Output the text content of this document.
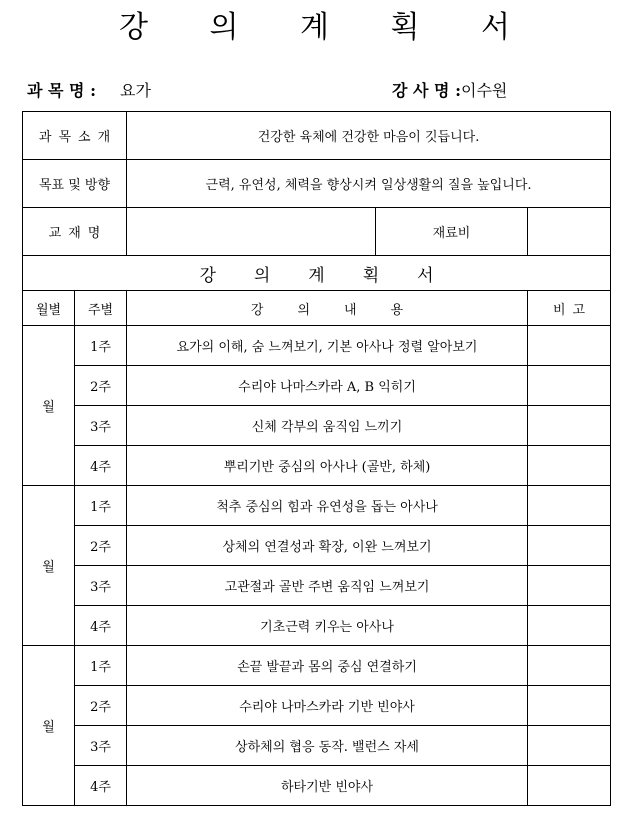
강 의 계 획 서
과 목 명 : 요가	강 사 명 :이수원
과목소개		건강한 육체에 건강한 마음이 깃듭니다.		
목표 및 방향		근력, 유연성, 체력을 향상시켜 일상생활의 질을 높입니다.		
교재명			재료비	
강의계획서				
월별	주별	강의내용		비고
월	1주	요가의 이해, 숨 느껴보기, 기본 아사나 정렬 알아보기		
	2주	수리야 나마스카라 A, B 익히기		
	3주	신체 각부의 움직임 느끼기		
	4주	뿌리기반 중심의 아사나 (골반, 하체)		
월	1주	척추 중심의 힘과 유연성을 돕는 아사나		
	2주	상체의 연결성과 확장, 이완 느껴보기		
	3주	고관절과 골반 주변 움직임 느껴보기		
	4주	기초근력 키우는 아사나		
월	1주	손끝 발끝과 몸의 중심 연결하기		
	2주	수리야 나마스카라 기반 빈야사		
	3주	상하체의 협응 동작. 밸런스 자세		
	4주	하타기반 빈야사		
